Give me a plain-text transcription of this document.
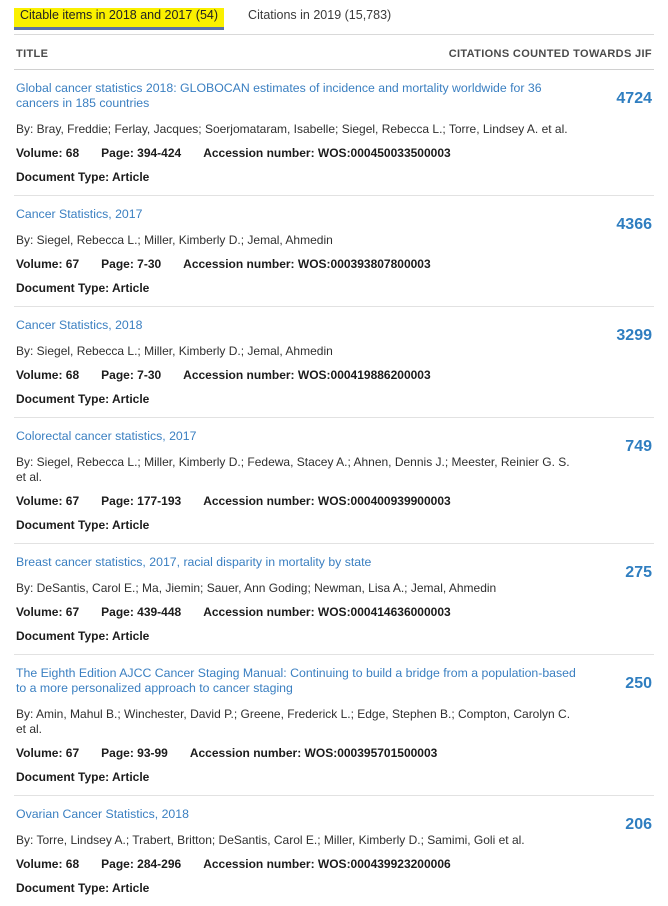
Citable items in 2018 and 2017 (54)	Citations in 2019 (15,783)
TITLE	CITATIONS COUNTED TOWARDS JIF
Global cancer statistics 2018: GLOBOCAN estimates of incidence and mortality worldwide for 36 cancers in 185 countries
By: Bray, Freddie; Ferlay, Jacques; Soerjomataram, Isabelle; Siegel, Rebecca L.; Torre, Lindsey A. et al.
Volume: 68 Page: 394-424 Accession number: WOS:000450033500003
Document Type: Article
4724
Cancer Statistics, 2017
By: Siegel, Rebecca L.; Miller, Kimberly D.; Jemal, Ahmedin
Volume: 67 Page: 7-30 Accession number: WOS:000393807800003
Document Type: Article
4366
Cancer Statistics, 2018
By: Siegel, Rebecca L.; Miller, Kimberly D.; Jemal, Ahmedin
Volume: 68 Page: 7-30 Accession number: WOS:000419886200003
Document Type: Article
3299
Colorectal cancer statistics, 2017
By: Siegel, Rebecca L.; Miller, Kimberly D.; Fedewa, Stacey A.; Ahnen, Dennis J.; Meester, Reinier G. S. et al.
Volume: 67 Page: 177-193 Accession number: WOS:000400939900003
Document Type: Article
749
Breast cancer statistics, 2017, racial disparity in mortality by state
By: DeSantis, Carol E.; Ma, Jiemin; Sauer, Ann Goding; Newman, Lisa A.; Jemal, Ahmedin
Volume: 67 Page: 439-448 Accession number: WOS:000414636000003
Document Type: Article
275
The Eighth Edition AJCC Cancer Staging Manual: Continuing to build a bridge from a population-based to a more personalized approach to cancer staging
By: Amin, Mahul B.; Winchester, David P.; Greene, Frederick L.; Edge, Stephen B.; Compton, Carolyn C. et al.
Volume: 67 Page: 93-99 Accession number: WOS:000395701500003
Document Type: Article
250
Ovarian Cancer Statistics, 2018
By: Torre, Lindsey A.; Trabert, Britton; DeSantis, Carol E.; Miller, Kimberly D.; Samimi, Goli et al.
Volume: 68 Page: 284-296 Accession number: WOS:000439923200006
Document Type: Article
206
